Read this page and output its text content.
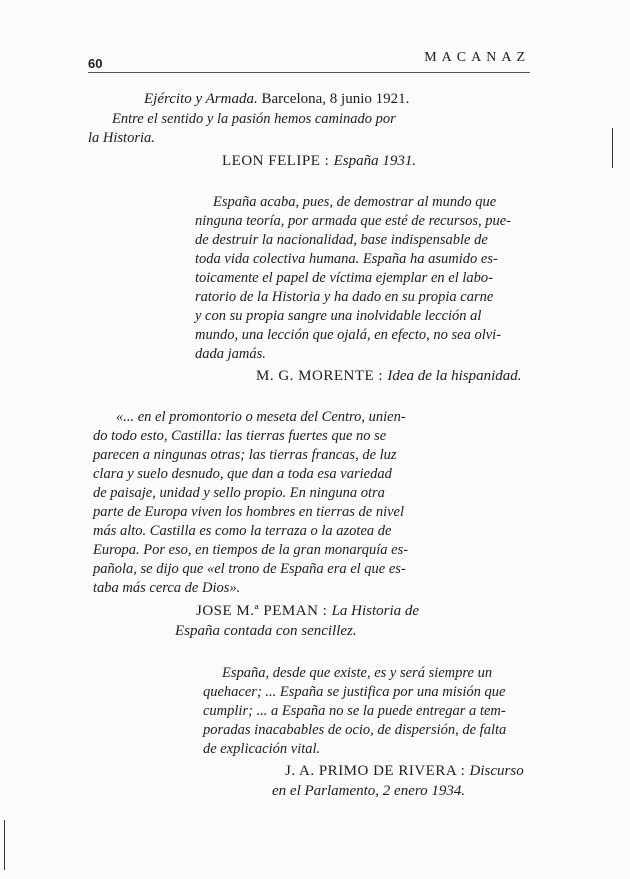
60	MACANAZ
Ejército y Armada. Barcelona, 8 junio 1921.
Entre el sentido y la pasión hemos caminado por
la Historia.
LEON FELIPE : España 1931.
España acaba, pues, de demostrar al mundo que
ninguna teoría, por armada que esté de recursos, pue-
de destruir la nacionalidad, base indispensable de
toda vida colectiva humana. España ha asumido es-
toicamente el papel de víctima ejemplar en el labo-
ratorio de la Historia y ha dado en su propia carne
y con su propia sangre una inolvidable lección al
mundo, una lección que ojalá, en efecto, no sea olvi-
dada jamás.
M. G. MORENTE : Idea de la hispanidad.
«... en el promontorio o meseta del Centro, unien-
do todo esto, Castilla: las tierras fuertes que no se
parecen a ningunas otras; las tierras francas, de luz
clara y suelo desnudo, que dan a toda esa variedad
de paisaje, unidad y sello propio. En ninguna otra
parte de Europa viven los hombres en tierras de nivel
más alto. Castilla es como la terraza o la azotea de
Europa. Por eso, en tiempos de la gran monarquía es-
pañola, se dijo que «el trono de España era el que es-
taba más cerca de Dios».
JOSE M.ª PEMAN : La Historia de
España contada con sencillez.
España, desde que existe, es y será siempre un
quehacer; ... España se justifica por una misión que
cumplir; ... a España no se la puede entregar a tem-
poradas inacabables de ocio, de dispersión, de falta
de explicación vital.
J. A. PRIMO DE RIVERA : Discurso
en el Parlamento, 2 enero 1934.
